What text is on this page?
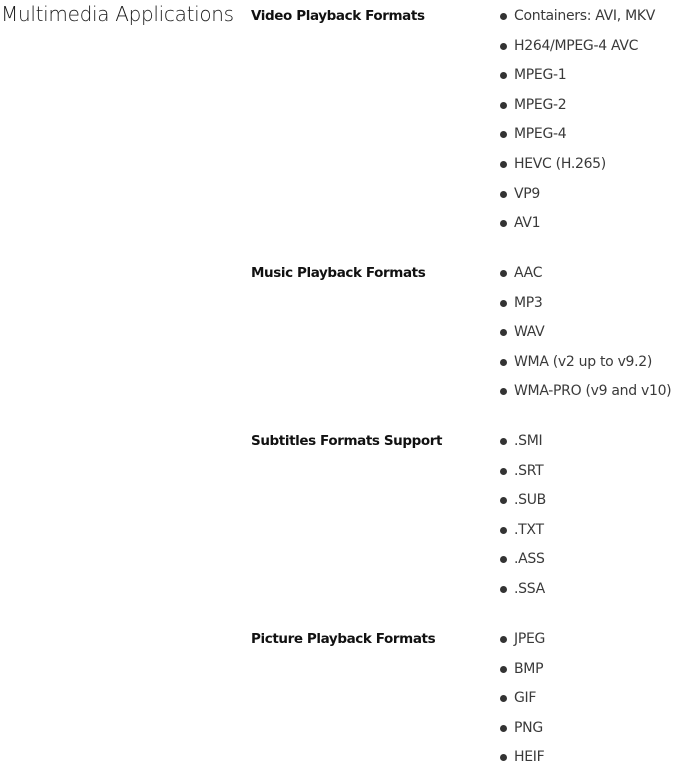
Multimedia Applications Video Playback Formats	Containers: AVI, MKV
H264/MPEG-4 AVC
MPEG-1
MPEG-2
MPEG-4
HEVC (H.265)
VP9
AV1
Music Playback Formats	AAC
MP3
WAV
WMA (v2 up to v9.2)
WMA-PRO (v9 and v10)
Subtitles Formats Support	.SMI
.SRT
.SUB
.TXT
.ASS
.SSA
Picture Playback Formats	JPEG
BMP
GIF
PNG
HEIF
